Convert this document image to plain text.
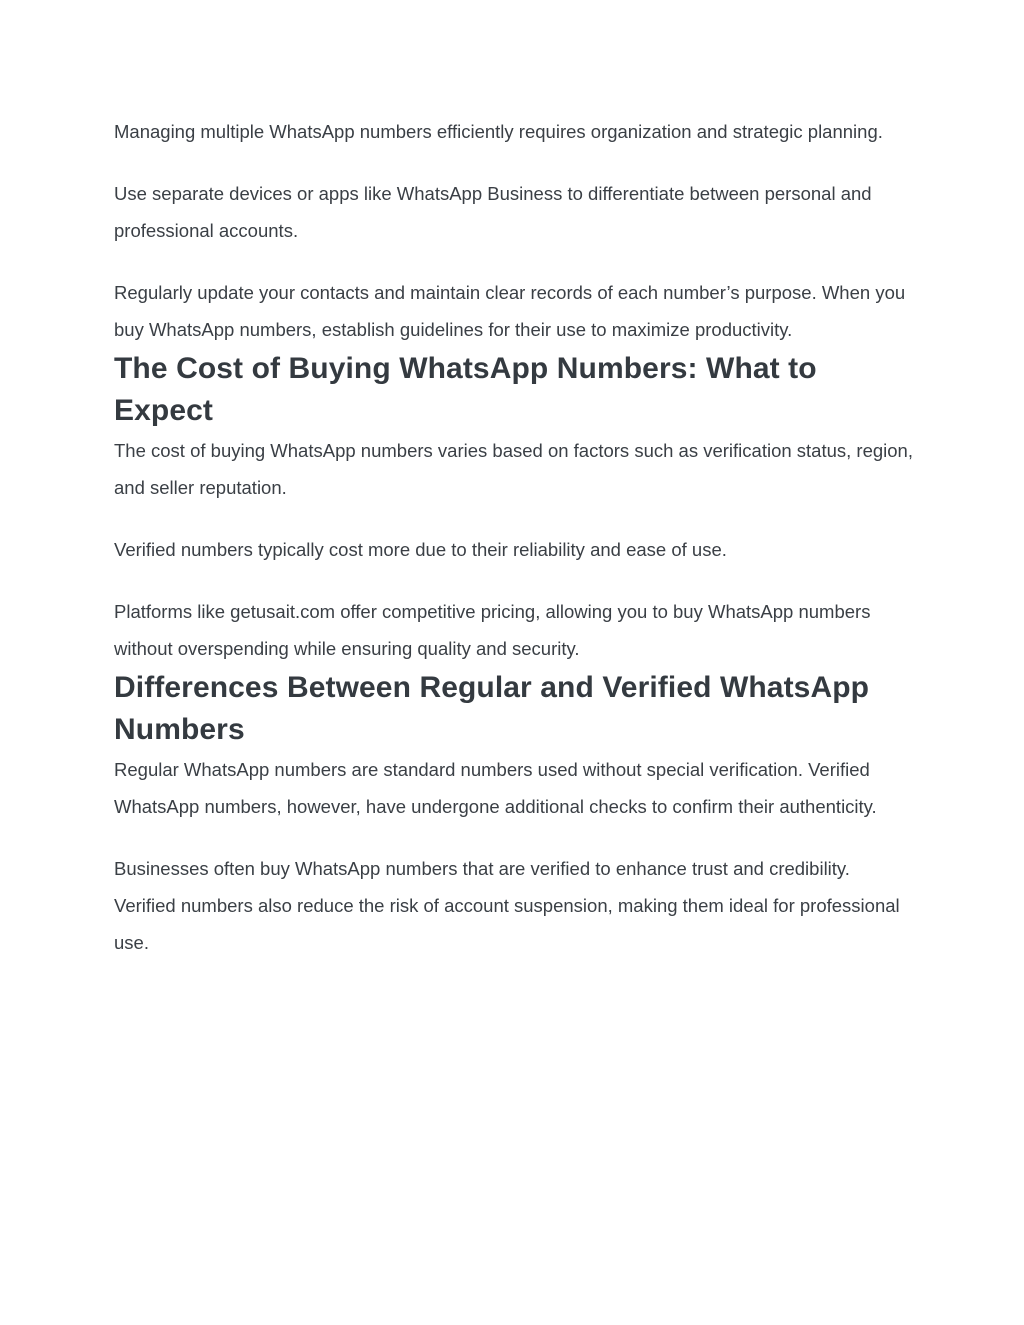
Managing multiple WhatsApp numbers efficiently requires organization and strategic planning.

Use separate devices or apps like WhatsApp Business to differentiate between personal and professional accounts.

Regularly update your contacts and maintain clear records of each number’s purpose. When you buy WhatsApp numbers, establish guidelines for their use to maximize productivity.

The Cost of Buying WhatsApp Numbers: What to Expect

The cost of buying WhatsApp numbers varies based on factors such as verification status, region, and seller reputation.

Verified numbers typically cost more due to their reliability and ease of use.

Platforms like getusait.com offer competitive pricing, allowing you to buy WhatsApp numbers without overspending while ensuring quality and security.

Differences Between Regular and Verified WhatsApp Numbers

Regular WhatsApp numbers are standard numbers used without special verification. Verified WhatsApp numbers, however, have undergone additional checks to confirm their authenticity.

Businesses often buy WhatsApp numbers that are verified to enhance trust and credibility. Verified numbers also reduce the risk of account suspension, making them ideal for professional use.
